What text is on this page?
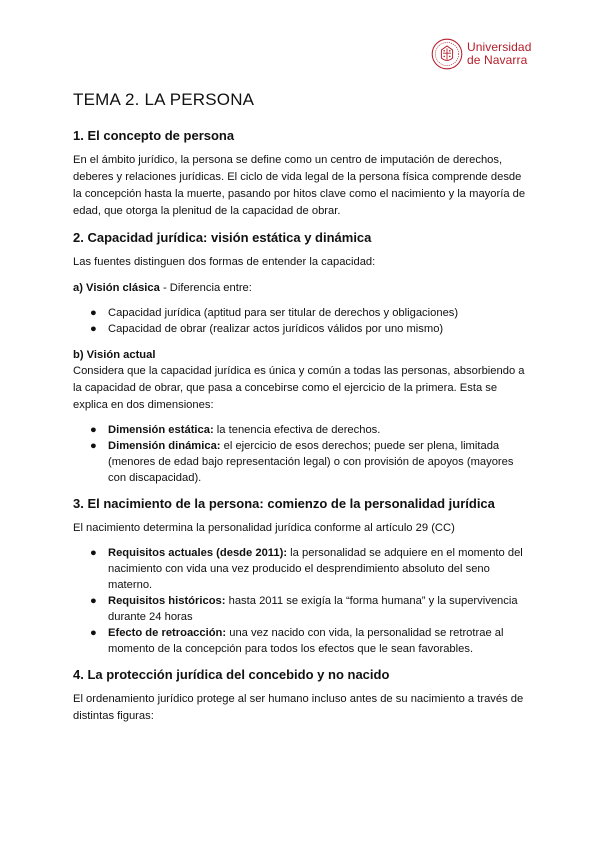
Universidad
de Navarra
TEMA 2. LA PERSONA
1. El concepto de persona

En el ámbito jurídico, la persona se define como un centro de imputación de derechos, deberes y relaciones jurídicas. El ciclo de vida legal de la persona física comprende desde la concepción hasta la muerte, pasando por hitos clave como el nacimiento y la mayoría de edad, que otorga la plenitud de la capacidad de obrar.

2. Capacidad jurídica: visión estática y dinámica

Las fuentes distinguen dos formas de entender la capacidad:

a) Visión clásica - Diferencia entre:
● Capacidad jurídica (aptitud para ser titular de derechos y obligaciones)
● Capacidad de obrar (realizar actos jurídicos válidos por uno mismo)
b) Visión actual

Considera que la capacidad jurídica es única y común a todas las personas, absorbiendo a la capacidad de obrar, que pasa a concebirse como el ejercicio de la primera. Esta se explica en dos dimensiones:

● Dimensión estática: la tenencia efectiva de derechos.
● Dimensión dinámica: el ejercicio de esos derechos; puede ser plena, limitada (menores de edad bajo representación legal) o con provisión de apoyos (mayores con discapacidad).
3. El nacimiento de la persona: comienzo de la personalidad jurídica

El nacimiento determina la personalidad jurídica conforme al artículo 29 (CC)

● Requisitos actuales (desde 2011): la personalidad se adquiere en el momento del nacimiento con vida una vez producido el desprendimiento absoluto del seno materno.
● Requisitos históricos: hasta 2011 se exigía la “forma humana” y la supervivencia durante 24 horas
● Efecto de retroacción: una vez nacido con vida, la personalidad se retrotrae al momento de la concepción para todos los efectos que le sean favorables.
4. La protección jurídica del concebido y no nacido

El ordenamiento jurídico protege al ser humano incluso antes de su nacimiento a través de distintas figuras:
